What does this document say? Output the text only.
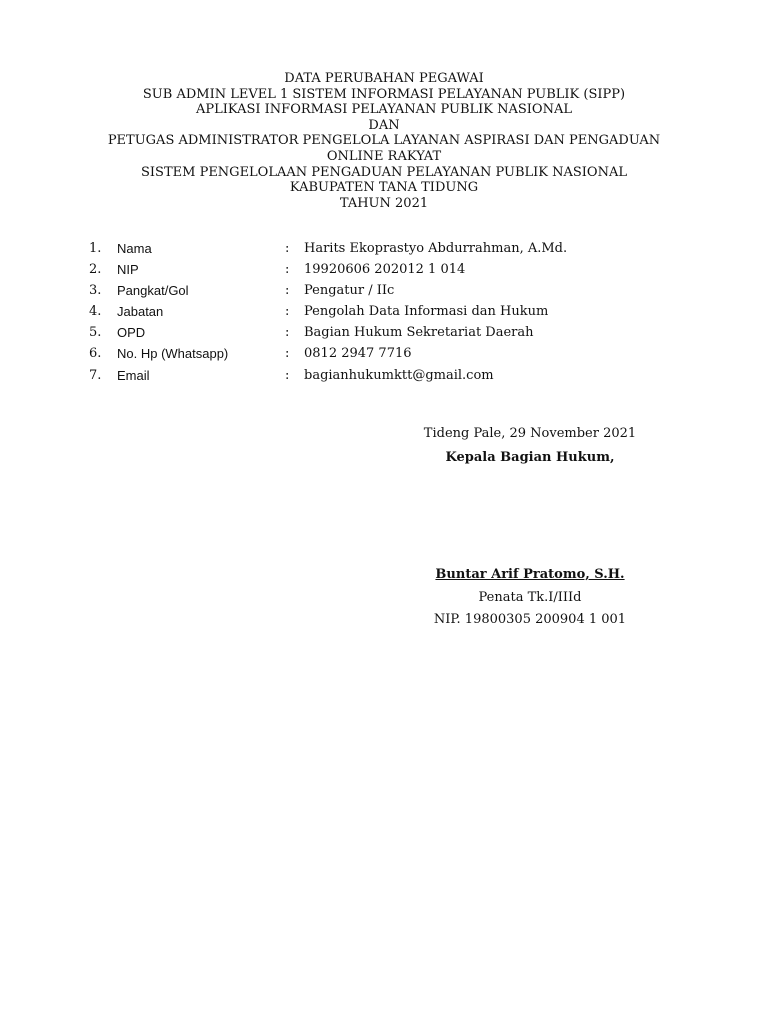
DATA PERUBAHAN PEGAWAI
SUB ADMIN LEVEL 1 SISTEM INFORMASI PELAYANAN PUBLIK (SIPP)
APLIKASI INFORMASI PELAYANAN PUBLIK NASIONAL
DAN
PETUGAS ADMINISTRATOR PENGELOLA LAYANAN ASPIRASI DAN PENGADUAN
ONLINE RAKYAT
SISTEM PENGELOLAAN PENGADUAN PELAYANAN PUBLIK NASIONAL
KABUPATEN TANA TIDUNG
TAHUN 2021
1. Nama	: Harits Ekoprastyo Abdurrahman, A.Md.
2. NIP	: 19920606 202012 1 014
3. Pangkat/Gol	: Pengatur / IIc
4. Jabatan	: Pengolah Data Informasi dan Hukum
5. OPD	: Bagian Hukum Sekretariat Daerah
6. No. Hp (Whatsapp)	: 0812 2947 7716
7. Email	: bagianhukumktt@gmail.com
Tideng Pale, 29 November 2021
Kepala Bagian Hukum,
Buntar Arif Pratomo, S.H.
Penata Tk.I/IIId
NIP. 19800305 200904 1 001
